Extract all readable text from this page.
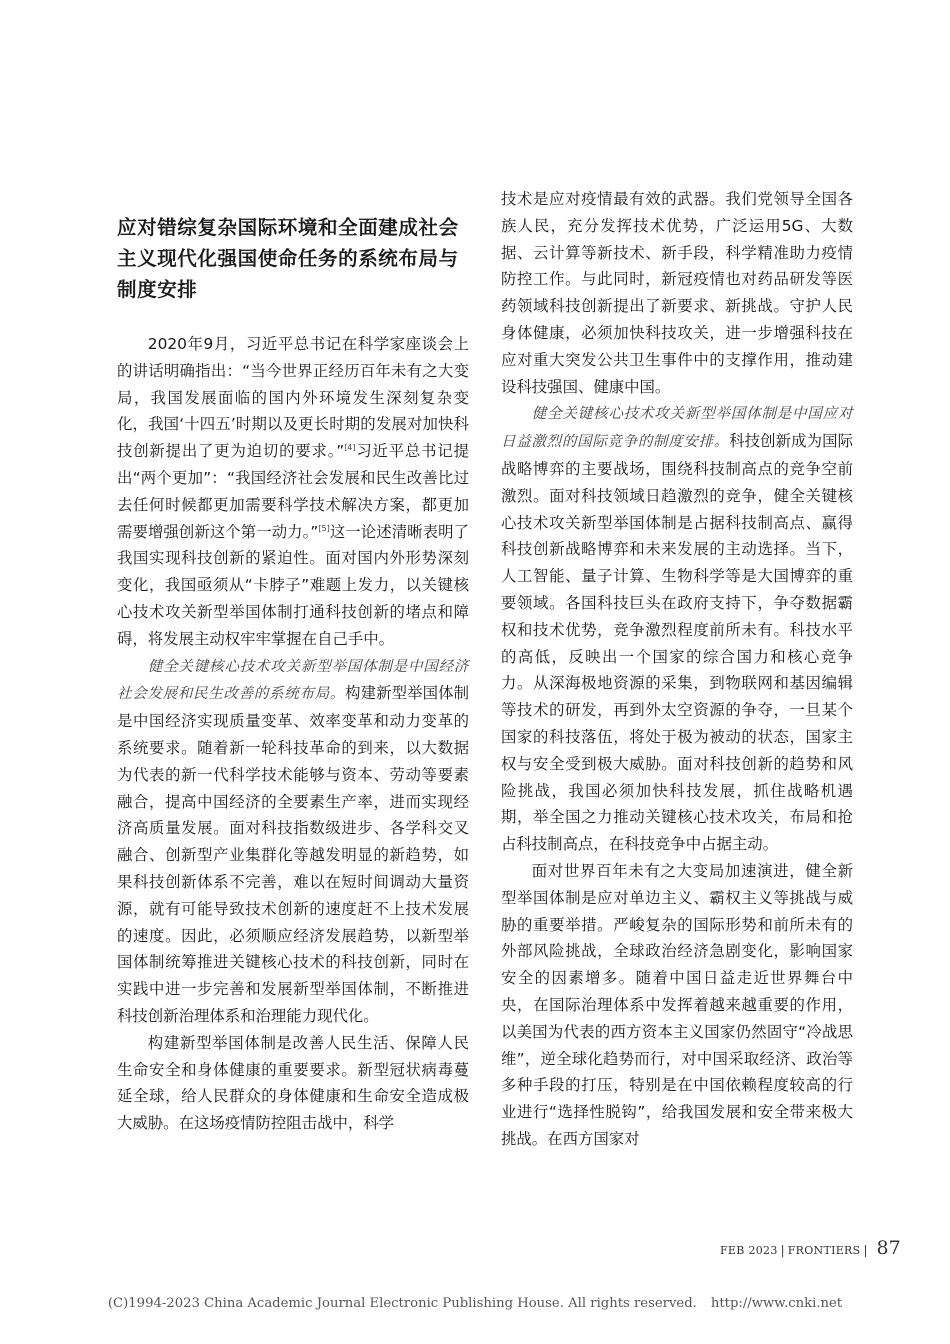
应对错综复杂国际环境和全面建成社会主义现代化强国使命任务的系统布局与制度安排

2020年9月，习近平总书记在科学家座谈会上的讲话明确指出：“当今世界正经历百年未有之大变局，我国发展面临的国内外环境发生深刻复杂变化，我国‘十四五’时期以及更长时期的发展对加快科技创新提出了更为迫切的要求。”[4]习近平总书记提出“两个更加”：“我国经济社会发展和民生改善比过去任何时候都更加需要科学技术解决方案，都更加需要增强创新这个第一动力。”[5]这一论述清晰表明了我国实现科技创新的紧迫性。面对国内外形势深刻变化，我国亟须从“卡脖子”难题上发力，以关键核心技术攻关新型举国体制打通科技创新的堵点和障碍，将发展主动权牢牢掌握在自己手中。

健全关键核心技术攻关新型举国体制是中国经济社会发展和民生改善的系统布局。构建新型举国体制是中国经济实现质量变革、效率变革和动力变革的系统要求。随着新一轮科技革命的到来，以大数据为代表的新一代科学技术能够与资本、劳动等要素融合，提高中国经济的全要素生产率，进而实现经济高质量发展。面对科技指数级进步、各学科交叉融合、创新型产业集群化等越发明显的新趋势，如果科技创新体系不完善，难以在短时间调动大量资源，就有可能导致技术创新的速度赶不上技术发展的速度。因此，必须顺应经济发展趋势，以新型举国体制统筹推进关键核心技术的科技创新，同时在实践中进一步完善和发展新型举国体制，不断推进科技创新治理体系和治理能力现代化。

构建新型举国体制是改善人民生活、保障人民生命安全和身体健康的重要要求。新型冠状病毒蔓延全球，给人民群众的身体健康和生命安全造成极大威胁。在这场疫情防控阻击战中，科学

技术是应对疫情最有效的武器。我们党领导全国各族人民，充分发挥技术优势，广泛运用5G、大数据、云计算等新技术、新手段，科学精准助力疫情防控工作。与此同时，新冠疫情也对药品研发等医药领域科技创新提出了新要求、新挑战。守护人民身体健康，必须加快科技攻关，进一步增强科技在应对重大突发公共卫生事件中的支撑作用，推动建设科技强国、健康中国。

健全关键核心技术攻关新型举国体制是中国应对日益激烈的国际竞争的制度安排。科技创新成为国际战略博弈的主要战场，围绕科技制高点的竞争空前激烈。面对科技领域日趋激烈的竞争，健全关键核心技术攻关新型举国体制是占据科技制高点、赢得科技创新战略博弈和未来发展的主动选择。当下，人工智能、量子计算、生物科学等是大国博弈的重要领域。各国科技巨头在政府支持下，争夺数据霸权和技术优势，竞争激烈程度前所未有。科技水平的高低，反映出一个国家的综合国力和核心竞争力。从深海极地资源的采集，到物联网和基因编辑等技术的研发，再到外太空资源的争夺，一旦某个国家的科技落伍，将处于极为被动的状态，国家主权与安全受到极大威胁。面对科技创新的趋势和风险挑战，我国必须加快科技发展，抓住战略机遇期，举全国之力推动关键核心技术攻关，布局和抢占科技制高点，在科技竞争中占据主动。

面对世界百年未有之大变局加速演进，健全新型举国体制是应对单边主义、霸权主义等挑战与威胁的重要举措。严峻复杂的国际形势和前所未有的外部风险挑战，全球政治经济急剧变化，影响国家安全的因素增多。随着中国日益走近世界舞台中央，在国际治理体系中发挥着越来越重要的作用，以美国为代表的西方资本主义国家仍然固守“冷战思维”，逆全球化趋势而行，对中国采取经济、政治等多种手段的打压，特别是在中国依赖程度较高的行业进行“选择性脱钩”，给我国发展和安全带来极大挑战。在西方国家对

FEB 2023 | FRONTIERS | 87
(C)1994-2023 China Academic Journal Electronic Publishing House. All rights reserved. http://www.cnki.net
